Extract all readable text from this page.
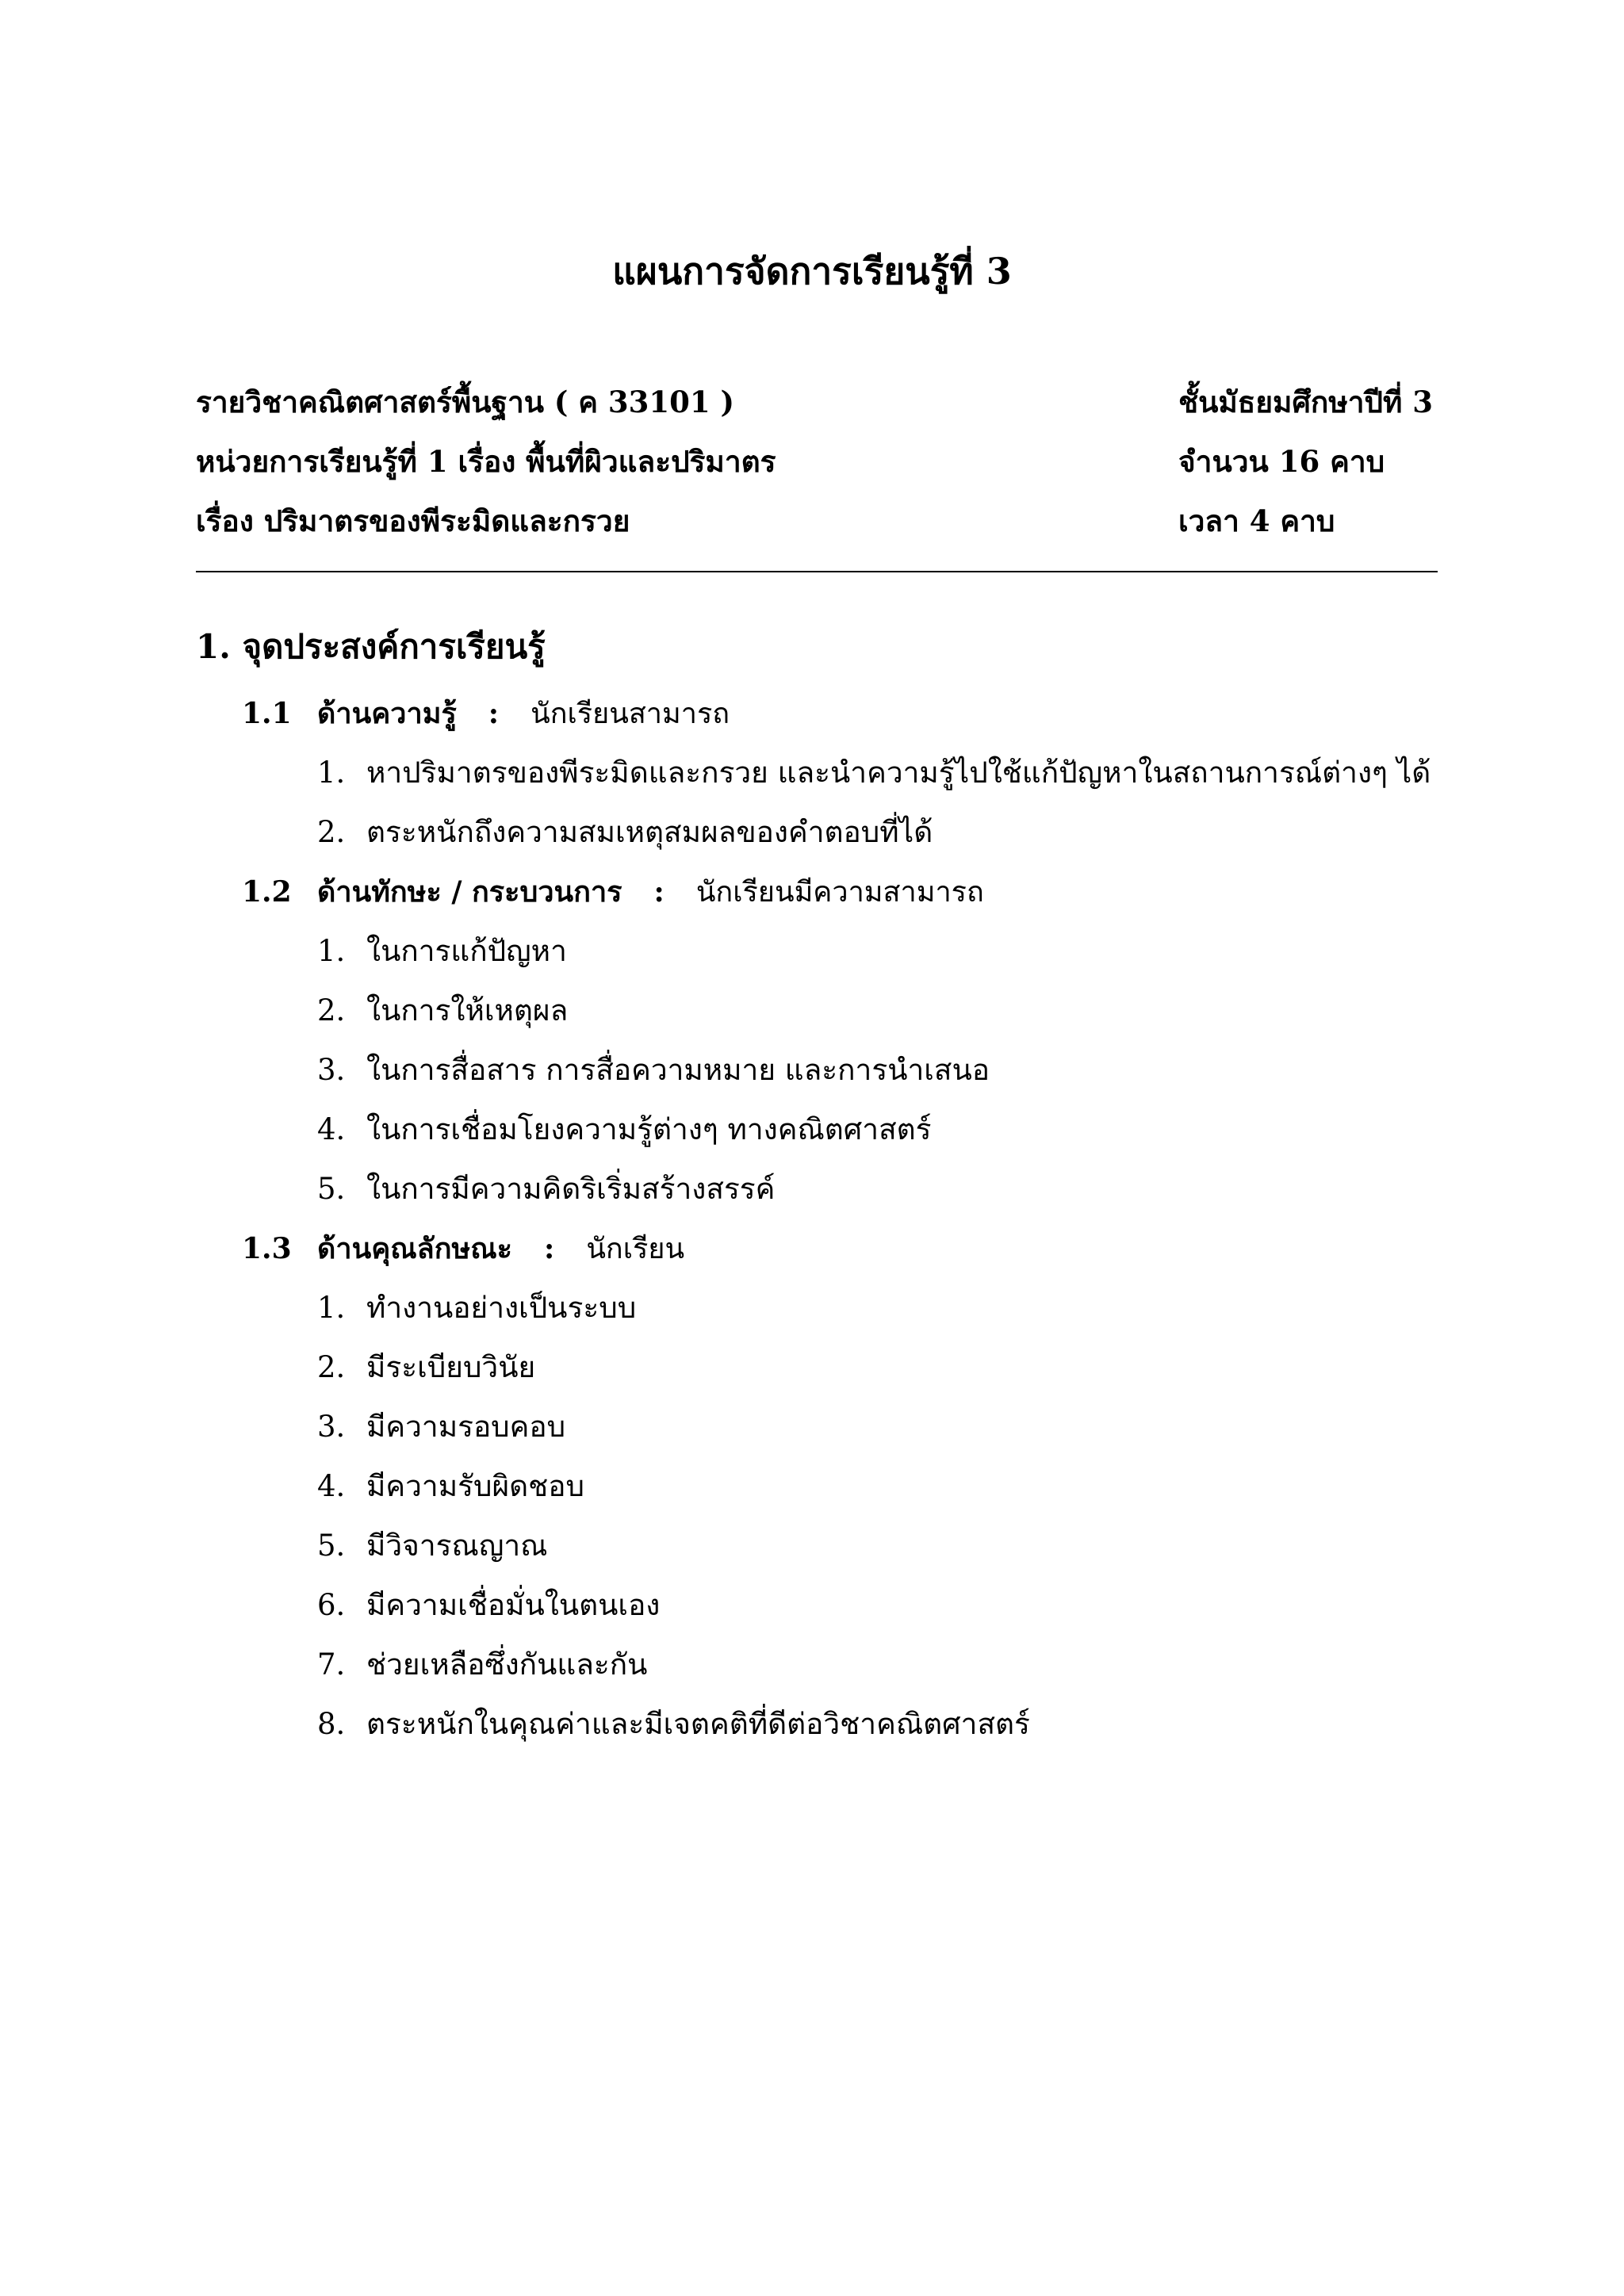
แผนการจัดการเรียนรู้ที่ 3
รายวิชาคณิตศาสตร์พื้นฐาน ( ค 33101 )	ชั้นมัธยมศึกษาปีที่ 3
หน่วยการเรียนรู้ที่ 1 เรื่อง พื้นที่ผิวและปริมาตร	จำนวน 16 คาบ
เรื่อง ปริมาตรของพีระมิดและกรวย	เวลา 4 คาบ
1. จุดประสงค์การเรียนรู้
1.1 ด้านความรู้ : นักเรียนสามารถ
1. หาปริมาตรของพีระมิดและกรวย และนำความรู้ไปใช้แก้ปัญหาในสถานการณ์ต่างๆ ได้
2. ตระหนักถึงความสมเหตุสมผลของคำตอบที่ได้
1.2 ด้านทักษะ / กระบวนการ : นักเรียนมีความสามารถ
1. ในการแก้ปัญหา
2. ในการให้เหตุผล
3. ในการสื่อสาร การสื่อความหมาย และการนำเสนอ
4. ในการเชื่อมโยงความรู้ต่างๆ ทางคณิตศาสตร์
5. ในการมีความคิดริเริ่มสร้างสรรค์
1.3 ด้านคุณลักษณะ : นักเรียน
1. ทำงานอย่างเป็นระบบ
2. มีระเบียบวินัย
3. มีความรอบคอบ
4. มีความรับผิดชอบ
5. มีวิจารณญาณ
6. มีความเชื่อมั่นในตนเอง
7. ช่วยเหลือซึ่งกันและกัน
8. ตระหนักในคุณค่าและมีเจตคติที่ดีต่อวิชาคณิตศาสตร์
